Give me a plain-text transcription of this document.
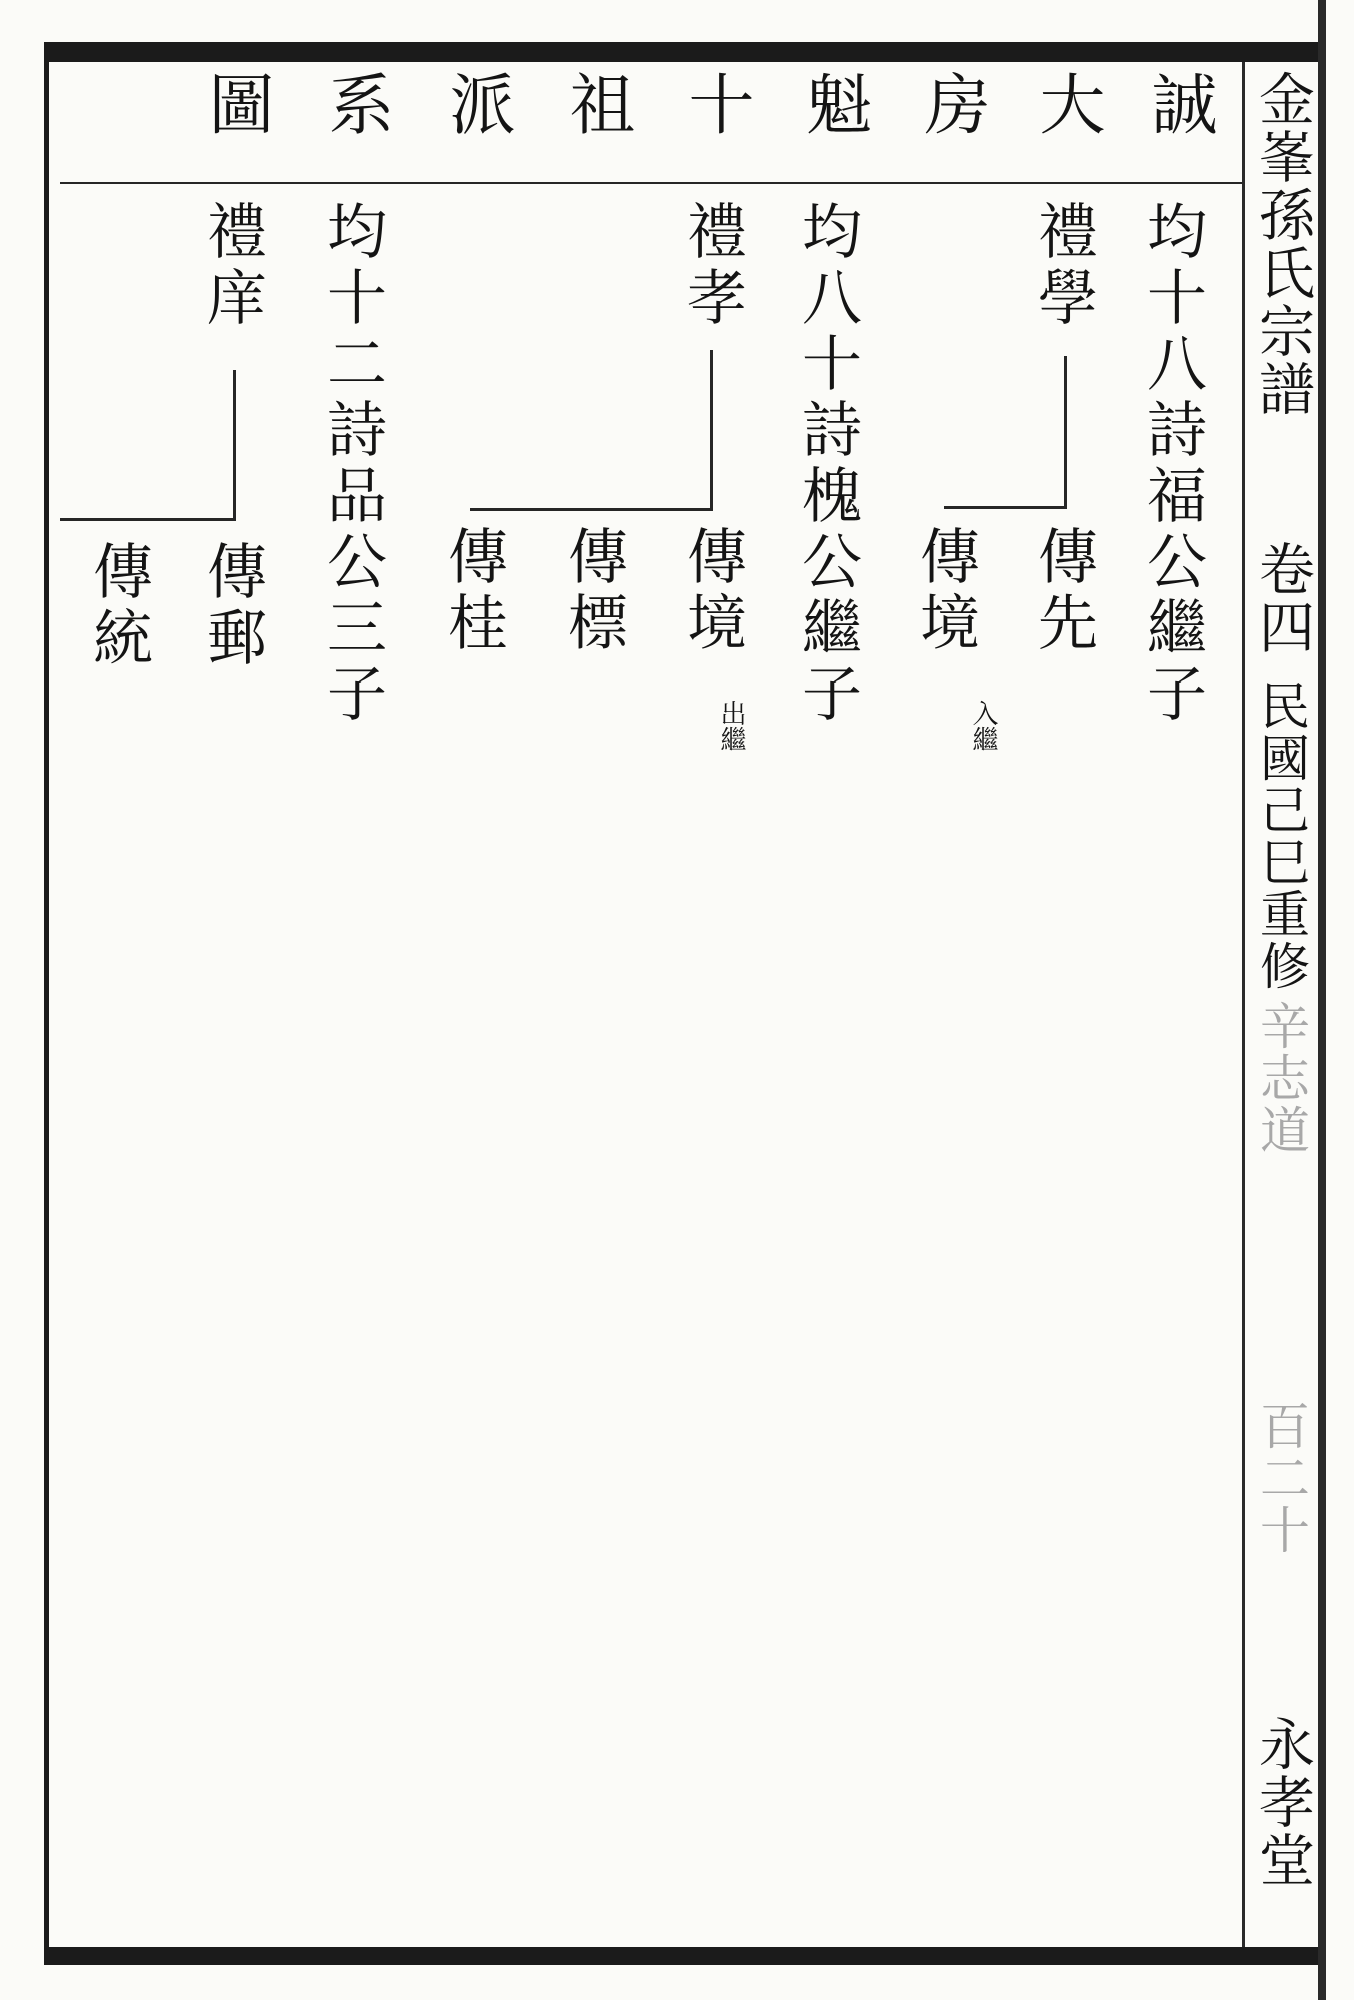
誠
大
房
魁
十
祖
派
系
圖
均十八詩福公繼子
禮學
傳先
傳境
入繼
均八十詩槐公繼子
禮孝
傳境
出繼
傳標
傳桂
均十二詩品公三子
禮庠
傳郵
傳統
金峯孫氏宗譜
卷四
民國己巳重修
辛志道
百二十
永孝堂
